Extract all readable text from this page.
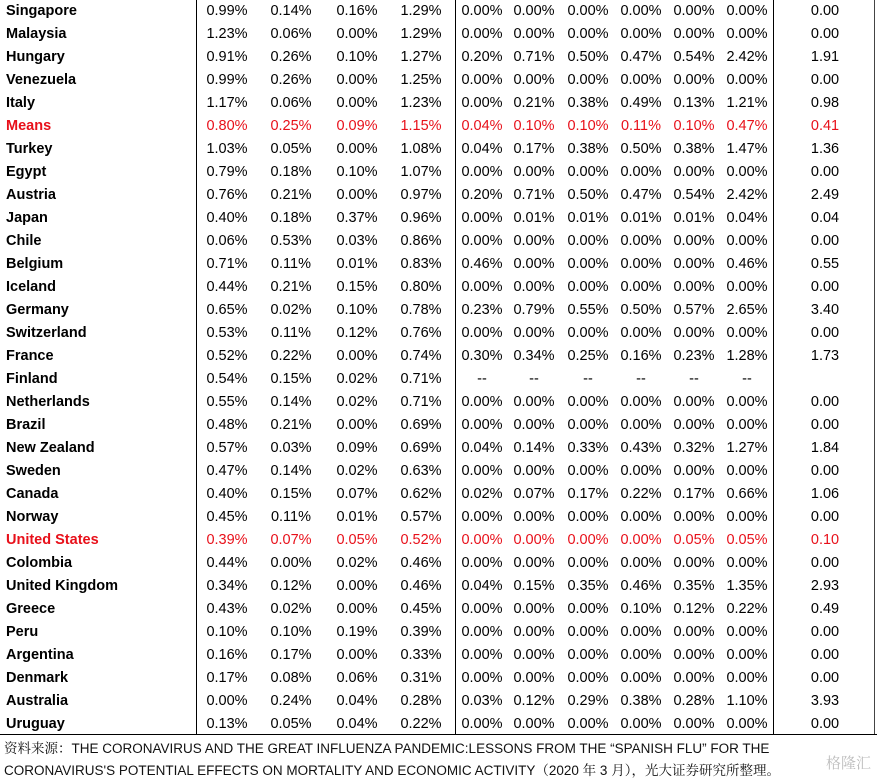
Singapore	0.99%	0.14%	0.16%	1.29%	0.00% 0.00% 0.00% 0.00% 0.00% 0.00%	0.00
Malaysia	1.23%	0.06%	0.00%	1.29%	0.00% 0.00% 0.00% 0.00% 0.00% 0.00%	0.00
Hungary	0.91%	0.26%	0.10%	1.27%	0.20% 0.71% 0.50% 0.47% 0.54% 2.42%	1.91
Venezuela	0.99%	0.26%	0.00%	1.25%	0.00% 0.00% 0.00% 0.00% 0.00% 0.00%	0.00
Italy	1.17%	0.06%	0.00%	1.23%	0.00% 0.21% 0.38% 0.49% 0.13% 1.21%	0.98
Means	0.80%	0.25%	0.09%	1.15%	0.04% 0.10% 0.10% 0.11% 0.10% 0.47%	0.41
Turkey	1.03%	0.05%	0.00%	1.08%	0.04% 0.17% 0.38% 0.50% 0.38% 1.47%	1.36
Egypt	0.79%	0.18%	0.10%	1.07%	0.00% 0.00% 0.00% 0.00% 0.00% 0.00%	0.00
Austria	0.76%	0.21%	0.00%	0.97%	0.20% 0.71% 0.50% 0.47% 0.54% 2.42%	2.49
Japan	0.40%	0.18%	0.37%	0.96%	0.00% 0.01% 0.01% 0.01% 0.01% 0.04%	0.04
Chile	0.06%	0.53%	0.03%	0.86%	0.00% 0.00% 0.00% 0.00% 0.00% 0.00%	0.00
Belgium	0.71%	0.11%	0.01%	0.83%	0.46% 0.00% 0.00% 0.00% 0.00% 0.46%	0.55
Iceland	0.44%	0.21%	0.15%	0.80%	0.00% 0.00% 0.00% 0.00% 0.00% 0.00%	0.00
Germany	0.65%	0.02%	0.10%	0.78%	0.23% 0.79% 0.55% 0.50% 0.57% 2.65%	3.40
Switzerland	0.53%	0.11%	0.12%	0.76%	0.00% 0.00% 0.00% 0.00% 0.00% 0.00%	0.00
France	0.52%	0.22%	0.00%	0.74%	0.30% 0.34% 0.25% 0.16% 0.23% 1.28%	1.73
Finland	0.54%	0.15%	0.02%	0.71%	--	--	--	--	--	--
Netherlands	0.55%	0.14%	0.02%	0.71%	0.00% 0.00% 0.00% 0.00% 0.00% 0.00%	0.00
Brazil	0.48%	0.21%	0.00%	0.69%	0.00% 0.00% 0.00% 0.00% 0.00% 0.00%	0.00
New Zealand	0.57%	0.03%	0.09%	0.69%	0.04% 0.14% 0.33% 0.43% 0.32% 1.27%	1.84
Sweden	0.47%	0.14%	0.02%	0.63%	0.00% 0.00% 0.00% 0.00% 0.00% 0.00%	0.00
Canada	0.40%	0.15%	0.07%	0.62%	0.02% 0.07% 0.17% 0.22% 0.17% 0.66%	1.06
Norway	0.45%	0.11%	0.01%	0.57%	0.00% 0.00% 0.00% 0.00% 0.00% 0.00%	0.00
United States	0.39%	0.07%	0.05%	0.52%	0.00% 0.00% 0.00% 0.00% 0.05% 0.05%	0.10
Colombia	0.44%	0.00%	0.02%	0.46%	0.00% 0.00% 0.00% 0.00% 0.00% 0.00%	0.00
United Kingdom	0.34%	0.12%	0.00%	0.46%	0.04% 0.15% 0.35% 0.46% 0.35% 1.35%	2.93
Greece	0.43%	0.02%	0.00%	0.45%	0.00% 0.00% 0.00% 0.10% 0.12% 0.22%	0.49
Peru	0.10%	0.10%	0.19%	0.39%	0.00% 0.00% 0.00% 0.00% 0.00% 0.00%	0.00
Argentina	0.16%	0.17%	0.00%	0.33%	0.00% 0.00% 0.00% 0.00% 0.00% 0.00%	0.00
Denmark	0.17%	0.08%	0.06%	0.31%	0.00% 0.00% 0.00% 0.00% 0.00% 0.00%	0.00
Australia	0.00%	0.24%	0.04%	0.28%	0.03% 0.12% 0.29% 0.38% 0.28% 1.10%	3.93
Uruguay	0.13%	0.05%	0.04%	0.22%	0.00% 0.00% 0.00% 0.00% 0.00% 0.00%	0.00
资料来源：THE CORONAVIRUS AND THE GREAT INFLUENZA PANDEMIC:LESSONS FROM THE “SPANISH FLU” FOR THE
CORONAVIRUS'S POTENTIAL EFFECTS ON MORTALITY AND ECONOMIC ACTIVITY（2020 年 3 月），光大证券研究所整理。	格隆汇
